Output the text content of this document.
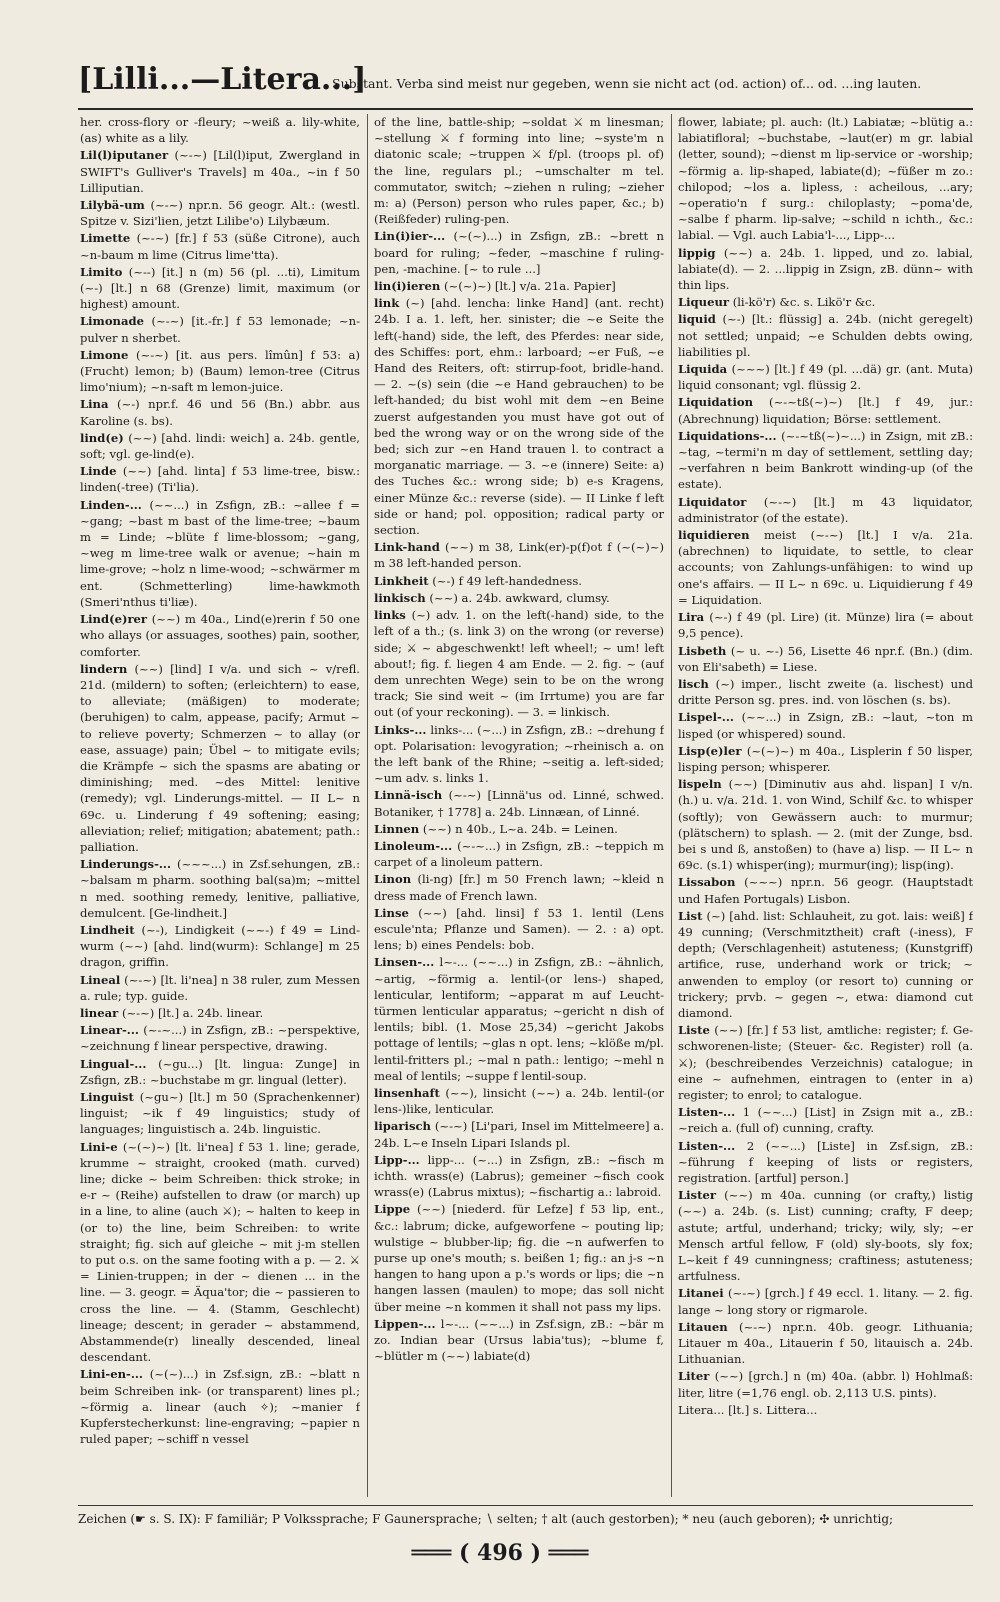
[Lilli...—Litera...]
Substant. Verba sind meist nur gegeben, wenn sie nicht act (od. action) of... od. ...ing lauten.
her. cross-flory or -fleury; ~weiß a. lily-white, (as) white as a lily.
Lil(l)iputaner (~-~) [Lil(l)iput, Zwergland in SWIFT's Gulliver's Travels] m 40a., ~in f 50 Lilliputian.
Lilybä-um (~-~) npr.n. 56 geogr. Alt.: (westl. Spitze v. Sizi'lien, jetzt Lilibe'o) Lilybæum.
Limette (~-~) [fr.] f 53 (süße Citrone), auch ~n-baum m lime (Citrus lime'tta).
Limito (~--) [it.] n (m) 56 (pl. ...ti), Limitum (~-) [lt.] n 68 (Grenze) limit, maximum (or highest) amount.
Limonade (~-~) [it.-fr.] f 53 lemonade; ~n-pulver n sherbet.
Limone (~-~) [it. aus pers. lîmûn] f 53: a) (Frucht) lemon; b) (Baum) lemon-tree (Citrus limo'nium); ~n-saft m lemon-juice.
Lina (~-) npr.f. 46 und 56 (Bn.) abbr. aus Karoline (s. bs).
lind(e) (~~) [ahd. lindi: weich] a. 24b. gentle, soft; vgl. ge-lind(e).
Linde (~~) [ahd. linta] f 53 lime-tree, bisw.: linden(-tree) (Ti'lia).
Linden-... (~~...) in Zsfign, zB.: ~allee f = ~gang; ~bast m bast of the lime-tree; ~baum m = Linde; ~blüte f lime-blossom; ~gang, ~weg m lime-tree walk or avenue; ~hain m lime-grove; ~holz n lime-wood; ~schwärmer m ent. (Schmetterling) lime-hawkmoth (Smeri'nthus ti'liæ).
Lind(e)rer (~~) m 40a., Lind(e)rerin f 50 one who allays (or assuages, soothes) pain, soother, comforter.
lindern (~~) [lind] I v/a. und sich ~ v/refl. 21d. (mildern) to soften; (erleichtern) to ease, to alleviate; (mäßigen) to moderate; (beruhigen) to calm, appease, pacify; Armut ~ to relieve poverty; Schmerzen ~ to allay (or ease, assuage) pain; Übel ~ to mitigate evils; die Krämpfe ~ sich the spasms are abating or diminishing; med. ~des Mittel: lenitive (remedy); vgl. Linderungs-mittel. — II L~ n 69c. u. Linderung f 49 softening; easing; alleviation; relief; mitigation; abatement; path.: palliation.
Linderungs-... (~~~...) in Zsf.sehungen, zB.: ~balsam m pharm. soothing bal(sa)m; ~mittel n med. soothing remedy, lenitive, palliative, demulcent. [Ge-lindheit.]
Lindheit (~-), Lindigkeit (~~-) f 49 = Lind-wurm (~~) [ahd. lind(wurm): Schlange] m 25 dragon, griffin.
Lineal (~-~) [lt. li'nea] n 38 ruler, zum Messen a. rule; typ. guide.
linear (~-~) [lt.] a. 24b. linear.
Linear-... (~-~...) in Zsfign, zB.: ~perspektive, ~zeichnung f linear perspective, drawing.
Lingual-... (~gu...) [lt. lingua: Zunge] in Zsfign, zB.: ~buchstabe m gr. lingual (letter).
Linguist (~gu~) [lt.] m 50 (Sprachenkenner) linguist; ~ik f 49 linguistics; study of languages; linguistisch a. 24b. linguistic.
Lini-e (~(~)~) [lt. li'nea] f 53 1. line; gerade, krumme ~ straight, crooked (math. curved) line; dicke ~ beim Schreiben: thick stroke; in e-r ~ (Reihe) aufstellen to draw (or march) up in a line, to aline (auch ⚔); ~ halten to keep in (or to) the line, beim Schreiben: to write straight; fig. sich auf gleiche ~ mit j-m stellen to put o.s. on the same footing with a p. — 2. ⚔ = Linien-truppen; in der ~ dienen ... in the line. — 3. geogr. = Äqua'tor; die ~ passieren to cross the line. — 4. (Stamm, Geschlecht) lineage; descent; in gerader ~ abstammend, Abstammende(r) lineally descended, lineal descendant.
Lini-en-... (~(~)...) in Zsf.sign, zB.: ~blatt n beim Schreiben ink- (or transparent) lines pl.; ~förmig a. linear (auch ✧); ~manier f Kupferstecherkunst: line-engraving; ~papier n ruled paper; ~schiff n vessel
of the line, battle-ship; ~soldat ⚔ m linesman; ~stellung ⚔ f forming into line; ~syste'm n diatonic scale; ~truppen ⚔ f/pl. (troops pl. of) the line, regulars pl.; ~umschalter m tel. commutator, switch; ~ziehen n ruling; ~zieher m: a) (Person) person who rules paper, &c.; b) (Reißfeder) ruling-pen.
Lin(i)ier-... (~(~)...) in Zsfign, zB.: ~brett n board for ruling; ~feder, ~maschine f ruling-pen, -machine. [~ to rule ...]
lin(i)ieren (~(~)~) [lt.] v/a. 21a. Papier]
link (~) [ahd. lencha: linke Hand] (ant. recht) 24b. I a. 1. left, her. sinister; die ~e Seite the left(-hand) side, the left, des Pferdes: near side, des Schiffes: port, ehm.: larboard; ~er Fuß, ~e Hand des Reiters, oft: stirrup-foot, bridle-hand. — 2. ~(s) sein (die ~e Hand gebrauchen) to be left-handed; du bist wohl mit dem ~en Beine zuerst aufgestanden you must have got out of bed the wrong way or on the wrong side of the bed; sich zur ~en Hand trauen l. to contract a morganatic marriage. — 3. ~e (innere) Seite: a) des Tuches &c.: wrong side; b) e-s Kragens, einer Münze &c.: reverse (side). — II Linke f left side or hand; pol. opposition; radical party or section.
Link-hand (~~) m 38, Link(er)-p(f)ot f (~(~)~) m 38 left-handed person.
Linkheit (~-) f 49 left-handedness.
linkisch (~~) a. 24b. awkward, clumsy.
links (~) adv. 1. on the left(-hand) side, to the left of a th.; (s. link 3) on the wrong (or reverse) side; ⚔ ~ abgeschwenkt! left wheel!; ~ um! left about!; fig. f. liegen 4 am Ende. — 2. fig. ~ (auf dem unrechten Wege) sein to be on the wrong track; Sie sind weit ~ (im Irrtume) you are far out (of your reckoning). — 3. = linkisch.
Links-... links-... (~...) in Zsfign, zB.: ~drehung f opt. Polarisation: levogyration; ~rheinisch a. on the left bank of the Rhine; ~seitig a. left-sided; ~um adv. s. links 1.
Linnä-isch (~-~) [Linnä'us od. Linné, schwed. Botaniker, † 1778] a. 24b. Linnæan, of Linné.
Linnen (~~) n 40b., L~a. 24b. = Leinen.
Linoleum-... (~-~...) in Zsfign, zB.: ~teppich m carpet of a linoleum pattern.
Linon (li-ng) [fr.] m 50 French lawn; ~kleid n dress made of French lawn.
Linse (~~) [ahd. linsi] f 53 1. lentil (Lens escule'nta; Pflanze und Samen). — 2. : a) opt. lens; b) eines Pendels: bob.
Linsen-... l~-... (~~...) in Zsfign, zB.: ~ähnlich, ~artig, ~förmig a. lentil-(or lens-) shaped, lenticular, lentiform; ~apparat m auf Leucht-türmen lenticular apparatus; ~gericht n dish of lentils; bibl. (1. Mose 25,34) ~gericht Jakobs pottage of lentils; ~glas n opt. lens; ~klöße m/pl. lentil-fritters pl.; ~mal n path.: lentigo; ~mehl n meal of lentils; ~suppe f lentil-soup.
linsenhaft (~~), linsicht (~~) a. 24b. lentil-(or lens-)like, lenticular.
liparisch (~-~) [Li'pari, Insel im Mittelmeere] a. 24b. L~e Inseln Lipari Islands pl.
Lipp-... lipp-... (~...) in Zsfign, zB.: ~fisch m ichth. wrass(e) (Labrus); gemeiner ~fisch cook wrass(e) (Labrus mixtus); ~fischartig a.: labroid.
Lippe (~~) [niederd. für Lefze] f 53 lip, ent., &c.: labrum; dicke, aufgeworfene ~ pouting lip; wulstige ~ blubber-lip; fig. die ~n aufwerfen to purse up one's mouth; s. beißen 1; fig.: an j-s ~n hangen to hang upon a p.'s words or lips; die ~n hangen lassen (maulen) to mope; das soll nicht über meine ~n kommen it shall not pass my lips.
Lippen-... l~-... (~~...) in Zsf.sign, zB.: ~bär m zo. Indian bear (Ursus labia'tus); ~blume f, ~blütler m (~~) labiate(d)
flower, labiate; pl. auch: (lt.) Labiatæ; ~blütig a.: labiatifloral; ~buchstabe, ~laut(er) m gr. labial (letter, sound); ~dienst m lip-service or -worship; ~förmig a. lip-shaped, labiate(d); ~füßer m zo.: chilopod; ~los a. lipless, : acheilous, ...ary; ~operatio'n f surg.: chiloplasty; ~poma'de, ~salbe f pharm. lip-salve; ~schild n ichth., &c.: labial. — Vgl. auch Labia'l-..., Lipp-...
lippig (~~) a. 24b. 1. lipped, und zo. labial, labiate(d). — 2. ...lippig in Zsign, zB. dünn~ with thin lips.
Liqueur (li-kö'r) &c. s. Likö'r &c.
liquid (~-) [lt.: flüssig] a. 24b. (nicht geregelt) not settled; unpaid; ~e Schulden debts owing, liabilities pl.
Liquida (~~~) [lt.] f 49 (pl. ...dä) gr. (ant. Muta) liquid consonant; vgl. flüssig 2.
Liquidation (~-~tß(~)~) [lt.] f 49, jur.: (Abrechnung) liquidation; Börse: settlement.
Liquidations-... (~-~tß(~)~...) in Zsign, mit zB.: ~tag, ~termi'n m day of settlement, settling day; ~verfahren n beim Bankrott winding-up (of the estate).
Liquidator (~-~) [lt.] m 43 liquidator, administrator (of the estate).
liquidieren meist (~-~) [lt.] I v/a. 21a. (abrechnen) to liquidate, to settle, to clear accounts; von Zahlungs-unfähigen: to wind up one's affairs. — II L~ n 69c. u. Liquidierung f 49 = Liquidation.
Lira (~-) f 49 (pl. Lire) (it. Münze) lira (= about 9,5 pence).
Lisbeth (~ u. ~-) 56, Lisette 46 npr.f. (Bn.) (dim. von Eli'sabeth) = Liese.
lisch (~) imper., lischt zweite (a. lischest) und dritte Person sg. pres. ind. von löschen (s. bs).
Lispel-... (~~...) in Zsign, zB.: ~laut, ~ton m lisped (or whispered) sound.
Lisp(e)ler (~(~)~) m 40a., Lisplerin f 50 lisper, lisping person; whisperer.
lispeln (~~) [Diminutiv aus ahd. lispan] I v/n. (h.) u. v/a. 21d. 1. von Wind, Schilf &c. to whisper (softly); von Gewässern auch: to murmur; (plätschern) to splash. — 2. (mit der Zunge, bsd. bei s und ß, anstoßen) to (have a) lisp. — II L~ n 69c. (s.1) whisper(ing); murmur(ing); lisp(ing).
Lissabon (~~~) npr.n. 56 geogr. (Hauptstadt und Hafen Portugals) Lisbon.
List (~) [ahd. list: Schlauheit, zu got. lais: weiß] f 49 cunning; (Verschmitztheit) craft (-iness), F depth; (Verschlagenheit) astuteness; (Kunstgriff) artifice, ruse, underhand work or trick; ~ anwenden to employ (or resort to) cunning or trickery; prvb. ~ gegen ~, etwa: diamond cut diamond.
Liste (~~) [fr.] f 53 list, amtliche: register; f. Ge-schworenen-liste; (Steuer- &c. Register) roll (a. ⚔); (beschreibendes Verzeichnis) catalogue; in eine ~ aufnehmen, eintragen to (enter in a) register; to enrol; to catalogue.
Listen-... 1 (~~...) [List] in Zsign mit a., zB.: ~reich a. (full of) cunning, crafty.
Listen-... 2 (~~...) [Liste] in Zsf.sign, zB.: ~führung f keeping of lists or registers, registration. [artful] person.]
Lister (~~) m 40a. cunning (or crafty,) listig (~~) a. 24b. (s. List) cunning; crafty, F deep; astute; artful, underhand; tricky; wily, sly; ~er Mensch artful fellow, F (old) sly-boots, sly fox; L~keit f 49 cunningness; craftiness; astuteness; artfulness.
Litanei (~-~) [grch.] f 49 eccl. 1. litany. — 2. fig. lange ~ long story or rigmarole.
Litauen (~-~) npr.n. 40b. geogr. Lithuania; Litauer m 40a., Litauerin f 50, litauisch a. 24b. Lithuanian.
Liter (~~) [grch.] n (m) 40a. (abbr. l) Hohlmaß: liter, litre (=1,76 engl. ob. 2,113 U.S. pints).
Litera... [lt.] s. Littera...
Zeichen (☛ s. S. IX): F familiär; P Volkssprache; F Gaunersprache; ∖ selten; † alt (auch gestorben); * neu (auch geboren); ✣ unrichtig;
═══ ( 496 ) ═══
